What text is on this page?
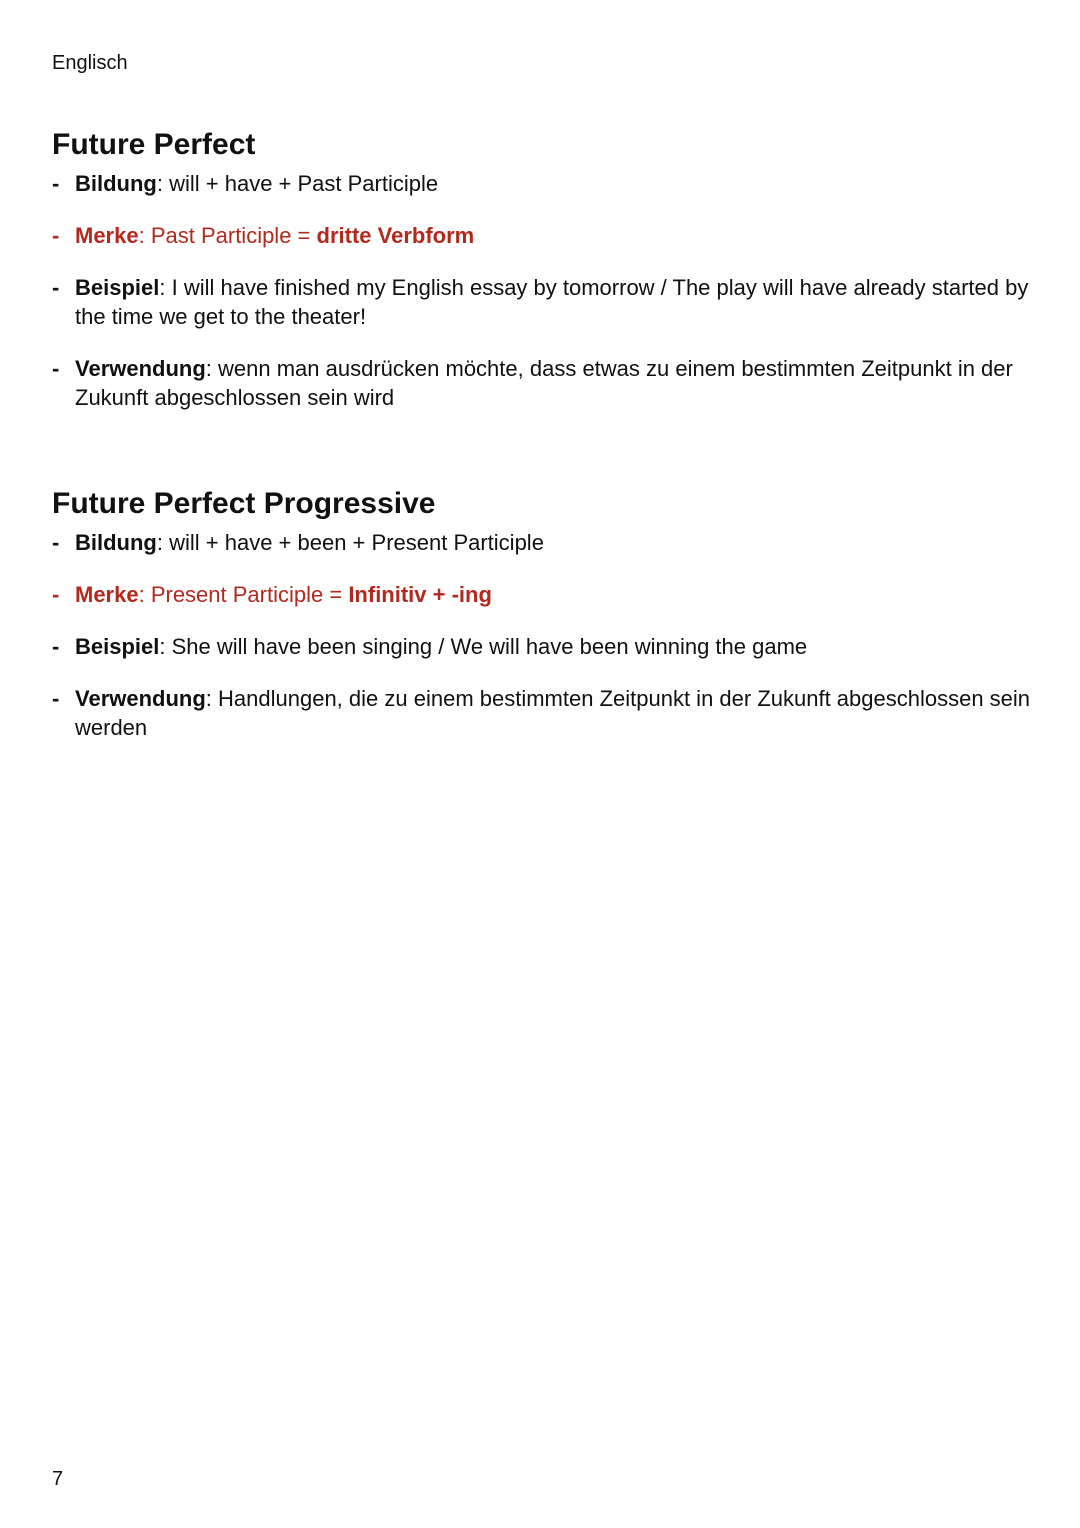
Englisch
Future Perfect
- Bildung: will + have + Past Participle
- Merke: Past Participle = dritte Verbform
- Beispiel: I will have finished my English essay by tomorrow / The play will have already started by the time we get to the theater!
- Verwendung: wenn man ausdrücken möchte, dass etwas zu einem bestimmten Zeitpunkt in der Zukunft abgeschlossen sein wird
Future Perfect Progressive
- Bildung: will + have + been + Present Participle
- Merke: Present Participle = Infinitiv + -ing
- Beispiel: She will have been singing / We will have been winning the game
- Verwendung: Handlungen, die zu einem bestimmten Zeitpunkt in der Zukunft abgeschlossen sein werden
7
